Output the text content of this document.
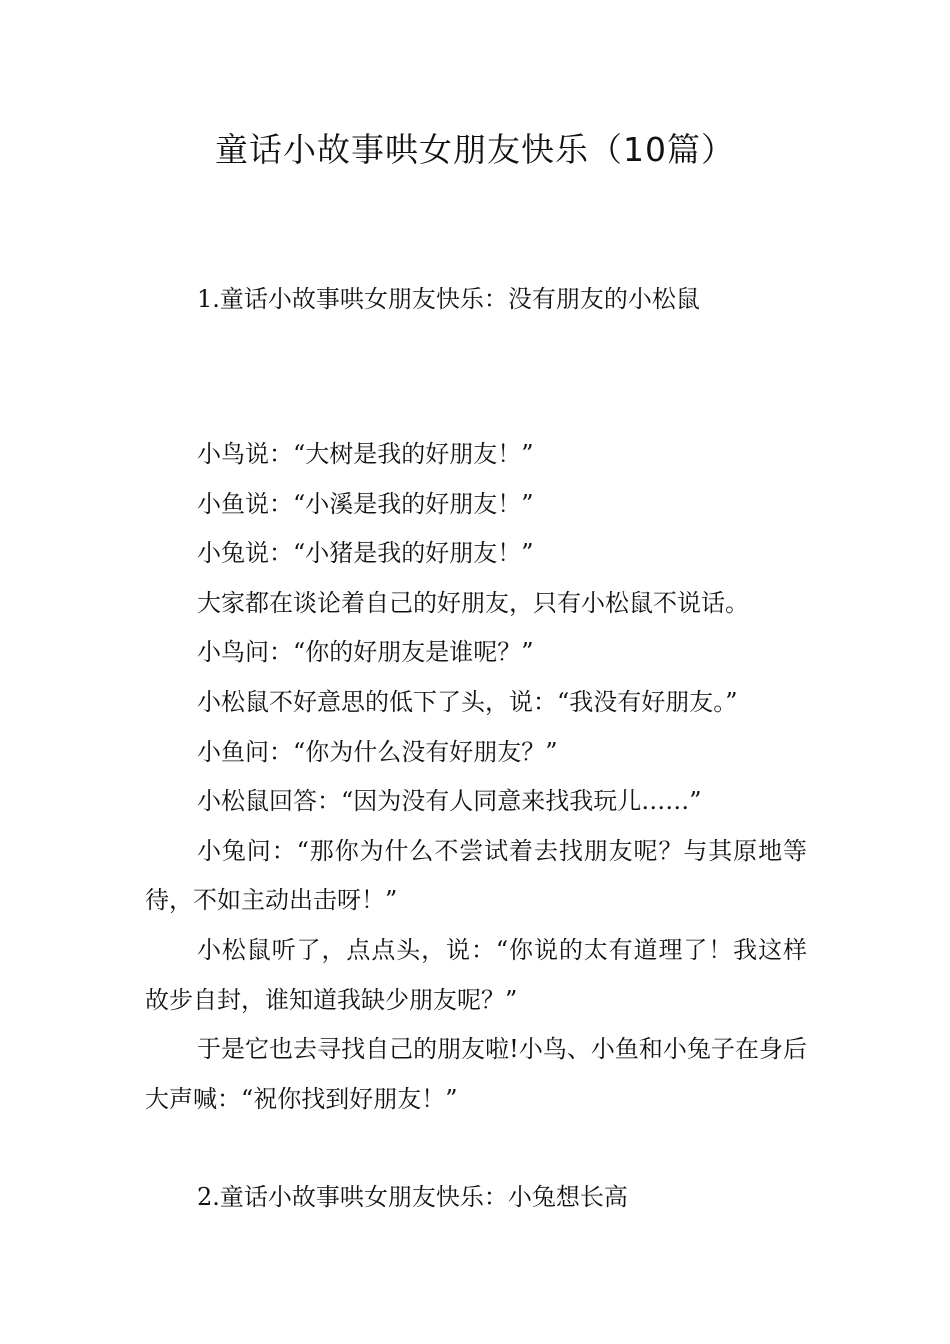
童话小故事哄女朋友快乐（10篇）
1.童话小故事哄女朋友快乐：没有朋友的小松鼠

小鸟说：“大树是我的好朋友！”

小鱼说：“小溪是我的好朋友！”

小兔说：“小猪是我的好朋友！”

大家都在谈论着自己的好朋友，只有小松鼠不说话。

小鸟问：“你的好朋友是谁呢？”

小松鼠不好意思的低下了头，说：“我没有好朋友。”

小鱼问：“你为什么没有好朋友？”

小松鼠回答：“因为没有人同意来找我玩儿……”

小兔问：“那你为什么不尝试着去找朋友呢？与其原地等待，不如主动出击呀！”

小松鼠听了，点点头，说：“你说的太有道理了！我这样故步自封，谁知道我缺少朋友呢？”

于是它也去寻找自己的朋友啦!小鸟、小鱼和小兔子在身后大声喊：“祝你找到好朋友！”

2.童话小故事哄女朋友快乐：小兔想长高
